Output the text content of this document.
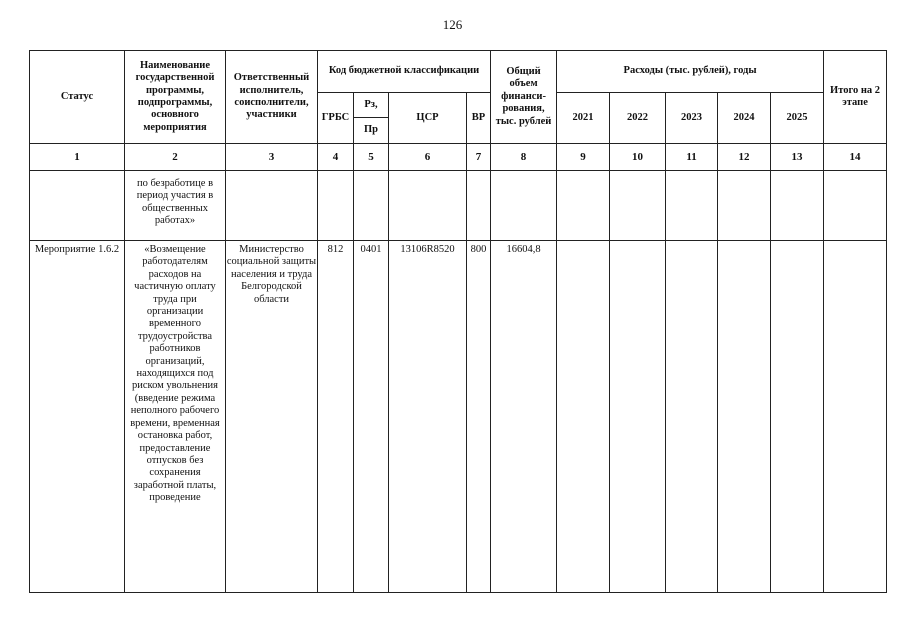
126
Статус	Наименование государственной программы, подпрограммы, основного мероприятия	Ответственный исполнитель, соисполнители, участники	Код бюджетной классификации				Общий объем финанси-рования, тыс. рублей	Расходы (тыс. рублей), годы					Итого на 2 этапе
			ГРБС	Рз,	ЦСР	ВР		2021	2022	2023	2024	2025	
				Пр									
1	2	3	4	5	6	7	8	9	10	11	12	13	14
	по безработице в период участия в общественных работах»												
Мероприятие 1.6.2	«Возмещение работодателям расходов на частичную оплату труда при организации временного трудоустройства работников организаций, находящихся под риском увольнения (введение режима неполного рабочего времени, временная остановка работ, предоставление отпусков без сохранения заработной платы, проведение	Министерство социальной защиты населения и труда Белгородской области	812	0401	13106R8520	800	16604,8						
